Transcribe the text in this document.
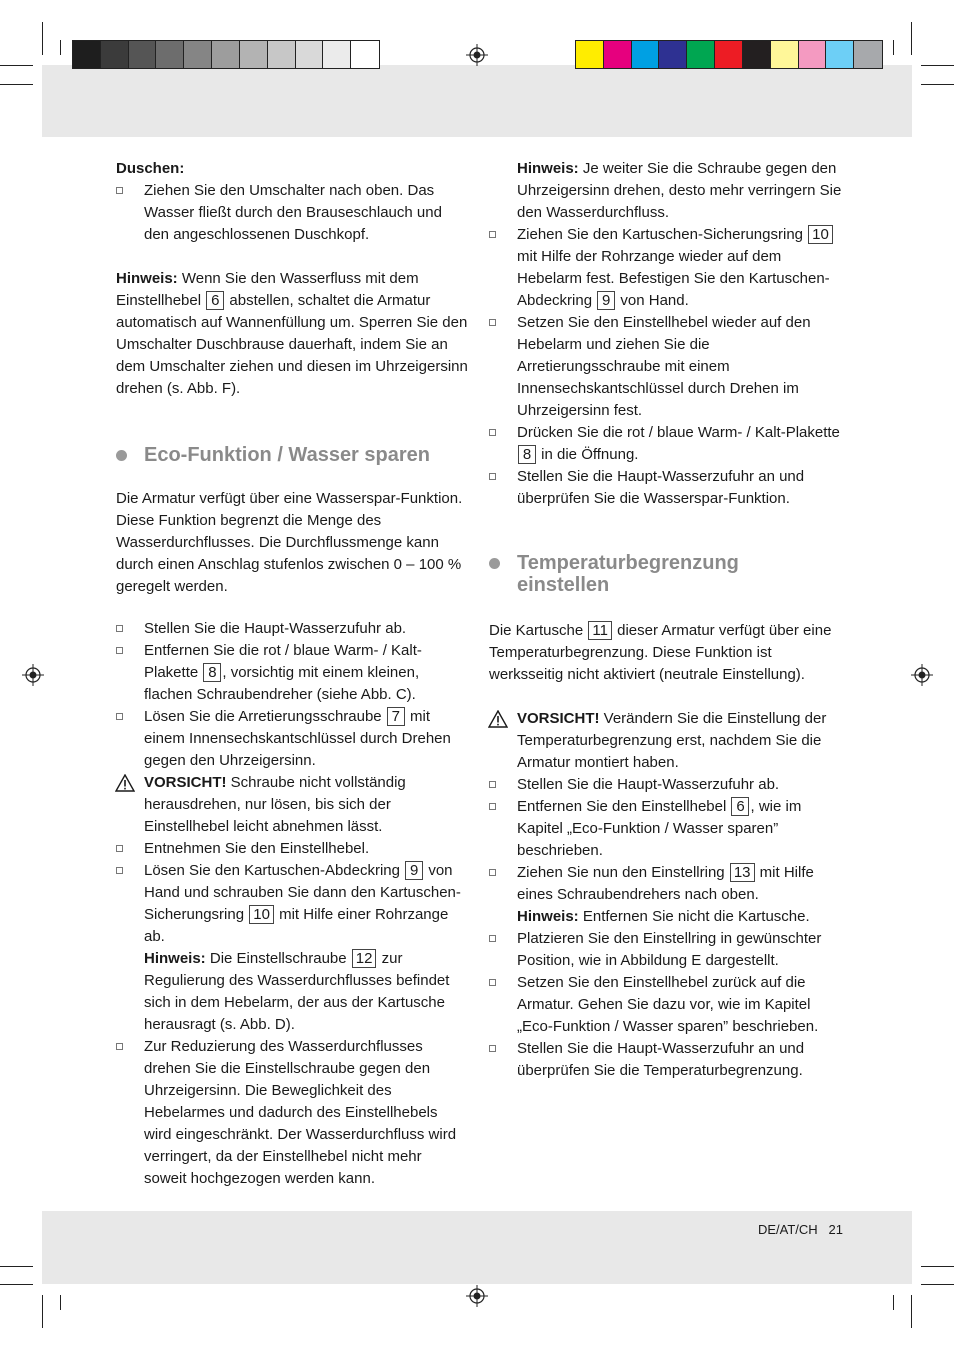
Duschen:

Ziehen Sie den Umschalter nach oben. Das Wasser fließt durch den Brauseschlauch und den angeschlossenen Duschkopf.

Hinweis: Wenn Sie den Wasserfluss mit dem Einstellhebel 6 abstellen, schaltet die Armatur automatisch auf Wannenfüllung um. Sperren Sie den Umschalter Duschbrause dauerhaft, indem Sie an dem Umschalter ziehen und diesen im Uhrzeigersinn drehen (s. Abb. F).

Eco-Funktion / Wasser sparen

Die Armatur verfügt über eine Wasserspar-Funktion. Diese Funktion begrenzt die Menge des Wasserdurchflusses. Die Durchflussmenge kann durch einen Anschlag stufenlos zwischen 0 – 100 % geregelt werden.

Stellen Sie die Haupt-Wasserzufuhr ab.
Entfernen Sie die rot / blaue Warm- / Kalt-Plakette 8 , vorsichtig mit einem kleinen, flachen Schraubendreher (siehe Abb. C).
Lösen Sie die Arretierungsschraube 7 mit einem Innensechskantschlüssel durch Drehen gegen den Uhrzeigersinn.
VORSICHT! Schraube nicht vollständig herausdrehen, nur lösen, bis sich der Einstellhebel leicht abnehmen lässt.
Entnehmen Sie den Einstellhebel.
Lösen Sie den Kartuschen-Abdeckring 9 von Hand und schrauben Sie dann den Kartuschen-Sicherungsring 10 mit Hilfe einer Rohrzange ab.
Hinweis: Die Einstellschraube 12 zur Regulierung des Wasserdurchflusses befindet sich in dem Hebelarm, der aus der Kartusche herausragt (s. Abb. D).
Zur Reduzierung des Wasserdurchflusses drehen Sie die Einstellschraube gegen den Uhrzeigersinn. Die Beweglichkeit des Hebelarmes und dadurch des Einstellhebels wird eingeschränkt. Der Wasserdurchfluss wird verringert, da der Einstellhebel nicht mehr soweit hochgezogen werden kann.
Hinweis: Je weiter Sie die Schraube gegen den Uhrzeigersinn drehen, desto mehr verringern Sie den Wasserdurchfluss.
Ziehen Sie den Kartuschen-Sicherungsring 10 mit Hilfe der Rohrzange wieder auf dem Hebelarm fest. Befestigen Sie den Kartuschen-Abdeckring 9 von Hand.
Setzen Sie den Einstellhebel wieder auf den Hebelarm und ziehen Sie die Arretierungsschraube mit einem Innensechskantschlüssel durch Drehen im Uhrzeigersinn fest.
Drücken Sie die rot / blaue Warm- / Kalt-Plakette 8 in die Öffnung.
Stellen Sie die Haupt-Wasserzufuhr an und überprüfen Sie die Wasserspar-Funktion.

Temperaturbegrenzung
einstellen

Die Kartusche 11 dieser Armatur verfügt über eine Temperaturbegrenzung. Diese Funktion ist werksseitig nicht aktiviert (neutrale Einstellung).

VORSICHT! Verändern Sie die Einstellung der Temperaturbegrenzung erst, nachdem Sie die Armatur montiert haben.
Stellen Sie die Haupt-Wasserzufuhr ab.
Entfernen Sie den Einstellhebel 6 , wie im Kapitel „Eco-Funktion / Wasser sparen” beschrieben.
Ziehen Sie nun den Einstellring 13 mit Hilfe eines Schraubendrehers nach oben.
Hinweis: Entfernen Sie nicht die Kartusche.
Platzieren Sie den Einstellring in gewünschter Position, wie in Abbildung E dargestellt.
Setzen Sie den Einstellhebel zurück auf die Armatur. Gehen Sie dazu vor, wie im Kapitel „Eco-Funktion / Wasser sparen” beschrieben.
Stellen Sie die Haupt-Wasserzufuhr an und überprüfen Sie die Temperaturbegrenzung.
DE/AT/CH 21
